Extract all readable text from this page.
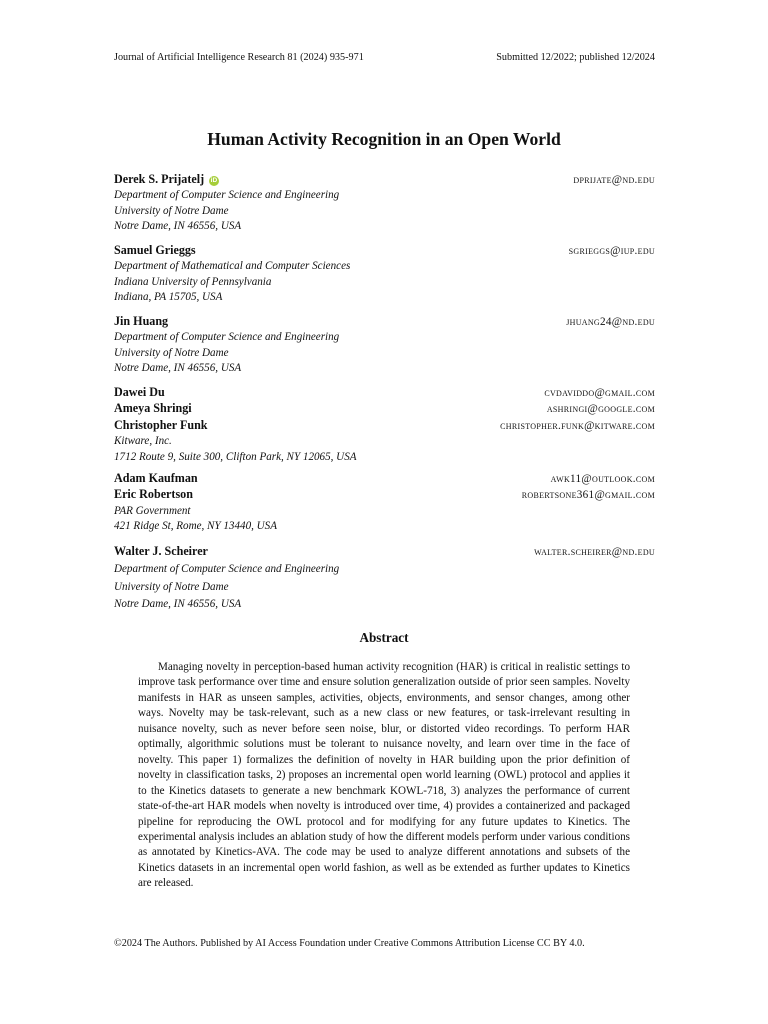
Journal of Artificial Intelligence Research 81 (2024) 935-971	Submitted 12/2022; published 12/2024
Human Activity Recognition in an Open World
Derek S. Prijatelj iD	dprijate@nd.edu
Department of Computer Science and Engineering
University of Notre Dame
Notre Dame, IN 46556, USA
Samuel Grieggs	sgrieggs@iup.edu
Department of Mathematical and Computer Sciences
Indiana University of Pennsylvania
Indiana, PA 15705, USA
Jin Huang	jhuang24@nd.edu
Department of Computer Science and Engineering
University of Notre Dame
Notre Dame, IN 46556, USA
Dawei Du	cvdaviddo@gmail.com
Ameya Shringi	ashringi@google.com
Christopher Funk	christopher.funk@kitware.com
Kitware, Inc.
1712 Route 9, Suite 300, Clifton Park, NY 12065, USA
Adam Kaufman	awk11@outlook.com
Eric Robertson	robertsone361@gmail.com
PAR Government
421 Ridge St, Rome, NY 13440, USA
Walter J. Scheirer	walter.scheirer@nd.edu
Department of Computer Science and Engineering
University of Notre Dame
Notre Dame, IN 46556, USA
Abstract
Managing novelty in perception-based human activity recognition (HAR) is critical in realistic settings to improve task performance over time and ensure solution generalization outside of prior seen samples. Novelty manifests in HAR as unseen samples, activities, objects, environments, and sensor changes, among other ways. Novelty may be task-relevant, such as a new class or new features, or task-irrelevant resulting in nuisance novelty, such as never before seen noise, blur, or distorted video recordings. To perform HAR optimally, algorithmic solutions must be tolerant to nuisance novelty, and learn over time in the face of novelty. This paper 1) formalizes the definition of novelty in HAR building upon the prior definition of novelty in classification tasks, 2) proposes an incremental open world learning (OWL) protocol and applies it to the Kinetics datasets to generate a new benchmark KOWL-718, 3) analyzes the performance of current state-of-the-art HAR models when novelty is introduced over time, 4) provides a containerized and packaged pipeline for reproducing the OWL protocol and for modifying for any future updates to Kinetics. The experimental analysis includes an ablation study of how the different models perform under various conditions as annotated by Kinetics-AVA. The code may be used to analyze different annotations and subsets of the Kinetics datasets in an incremental open world fashion, as well as be extended as further updates to Kinetics are released.
©2024 The Authors. Published by AI Access Foundation under Creative Commons Attribution License CC BY 4.0.
